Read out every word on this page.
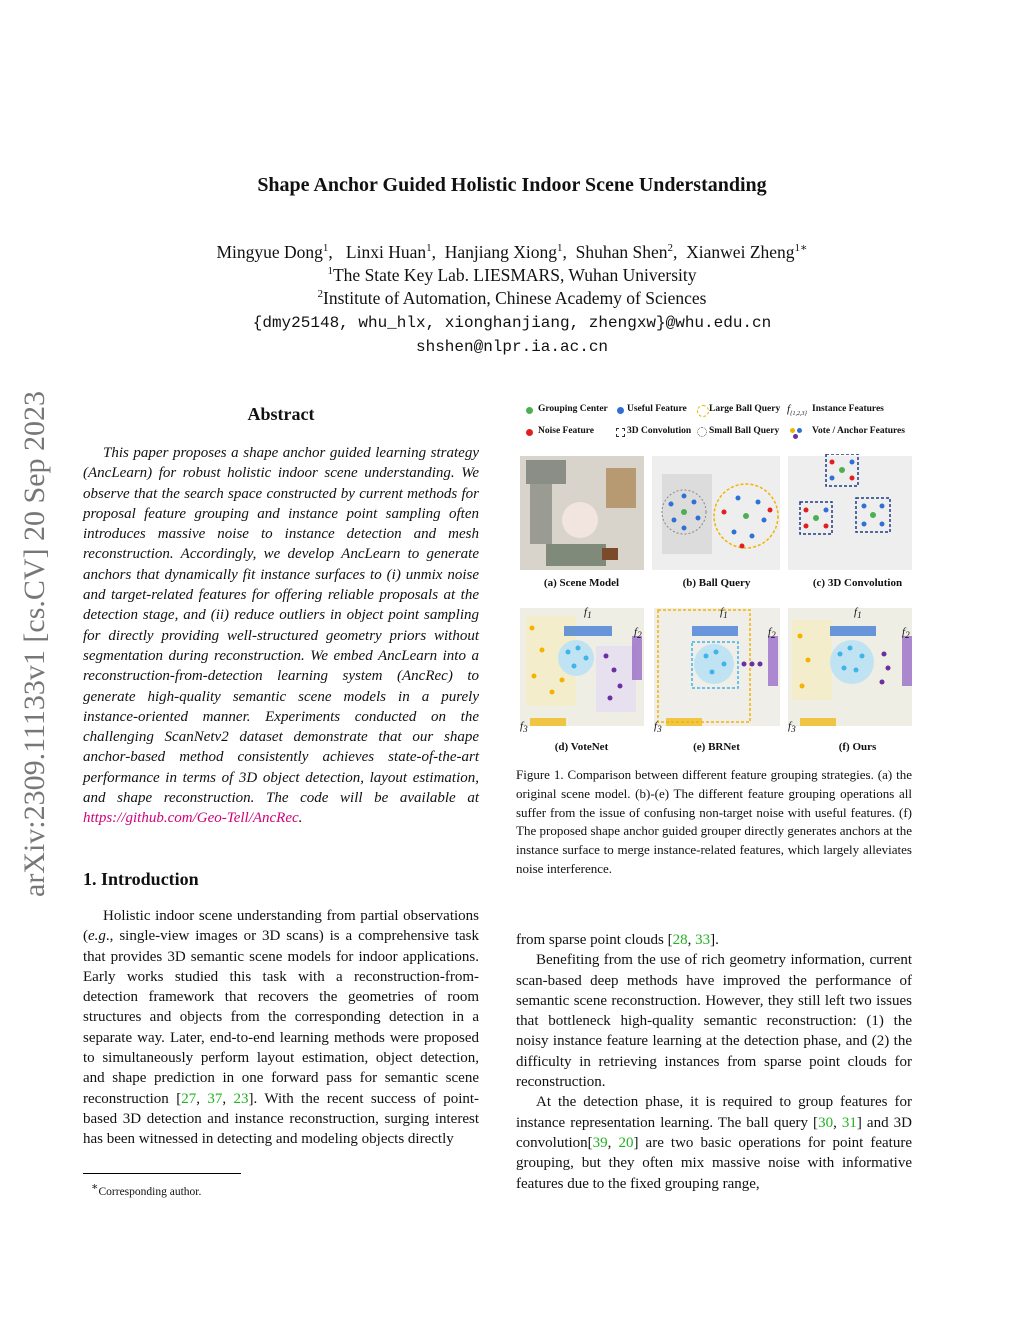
arXiv:2309.11133v1 [cs.CV] 20 Sep 2023
Shape Anchor Guided Holistic Indoor Scene Understanding
Mingyue Dong$^1$,   Linxi Huan$^1$,  Hanjiang Xiong$^1$,  Shuhan Shen$^2$,  Xianwei Zheng$^{1∗}$
$^1$The State Key Lab. LIESMARS, Wuhan University
$^2$Institute of Automation, Chinese Academy of Sciences
{dmy25148, whu_hlx, xionghanjiang, zhengxw}@whu.edu.cn
shshen@nlpr.ia.ac.cn
Abstract
This paper proposes a shape anchor guided learning strategy (AncLearn) for robust holistic indoor scene understanding. We observe that the search space constructed by current methods for proposal feature grouping and instance point sampling often introduces massive noise to instance detection and mesh reconstruction. Accordingly, we develop AncLearn to generate anchors that dynamically fit instance surfaces to (i) unmix noise and target-related features for offering reliable proposals at the detection stage, and (ii) reduce outliers in object point sampling for directly providing well-structured geometry priors without segmentation during reconstruction. We embed AncLearn into a reconstruction-from-detection learning system (AncRec) to generate high-quality semantic scene models in a purely instance-oriented manner. Experiments conducted on the challenging ScanNetv2 dataset demonstrate that our shape anchor-based method consistently achieves state-of-the-art performance in terms of 3D object detection, layout estimation, and shape reconstruction. The code will be available at https://github.com/Geo-Tell/AncRec.
1. Introduction
Holistic indoor scene understanding from partial observations (e.g., single-view images or 3D scans) is a comprehensive task that provides 3D semantic scene models for indoor applications. Early works studied this task with a reconstruction-from-detection framework that recovers the geometries of room structures and objects from the corresponding detection in a separate way. Later, end-to-end learning methods were proposed to simultaneously perform layout estimation, object detection, and shape prediction in one forward pass for semantic scene reconstruction [27, 37, 23]. With the recent success of point-based 3D detection and instance reconstruction, surging interest has been witnessed in detecting and modeling objects directly
∗Corresponding author.
Grouping Center Useful Feature Large Ball Query $f_{\{1,2,3\}}$
Instance Features
Noise Feature	3D Convolution Small Ball Query	Vote / Anchor Features
(a) Scene Model	(b) Ball Query	(c) 3D Convolution
$f_1$
$f_2$
$f_3$
$f_1$
$f_2$
$f_3$
$f_1$
$f_2$
$f_3$
(d) VoteNet	(e) BRNet	(f) Ours
Figure 1. Comparison between different feature grouping strategies. (a) the original scene model. (b)-(e) The different feature grouping operations all suffer from the issue of confusing non-target noise with useful features. (f) The proposed shape anchor guided grouper directly generates anchors at the instance surface to merge instance-related features, which largely alleviates noise interference.

from sparse point clouds [28, 33].

Benefiting from the use of rich geometry information, current scan-based deep methods have improved the performance of semantic scene reconstruction. However, they still left two issues that bottleneck high-quality semantic reconstruction: (1) the noisy instance feature learning at the detection phase, and (2) the difficulty in retrieving instances from sparse point clouds for reconstruction.

At the detection phase, it is required to group features for instance representation learning. The ball query [30, 31] and 3D convolution[39, 20] are two basic operations for point feature grouping, but they often mix massive noise with informative features due to the fixed grouping range,
